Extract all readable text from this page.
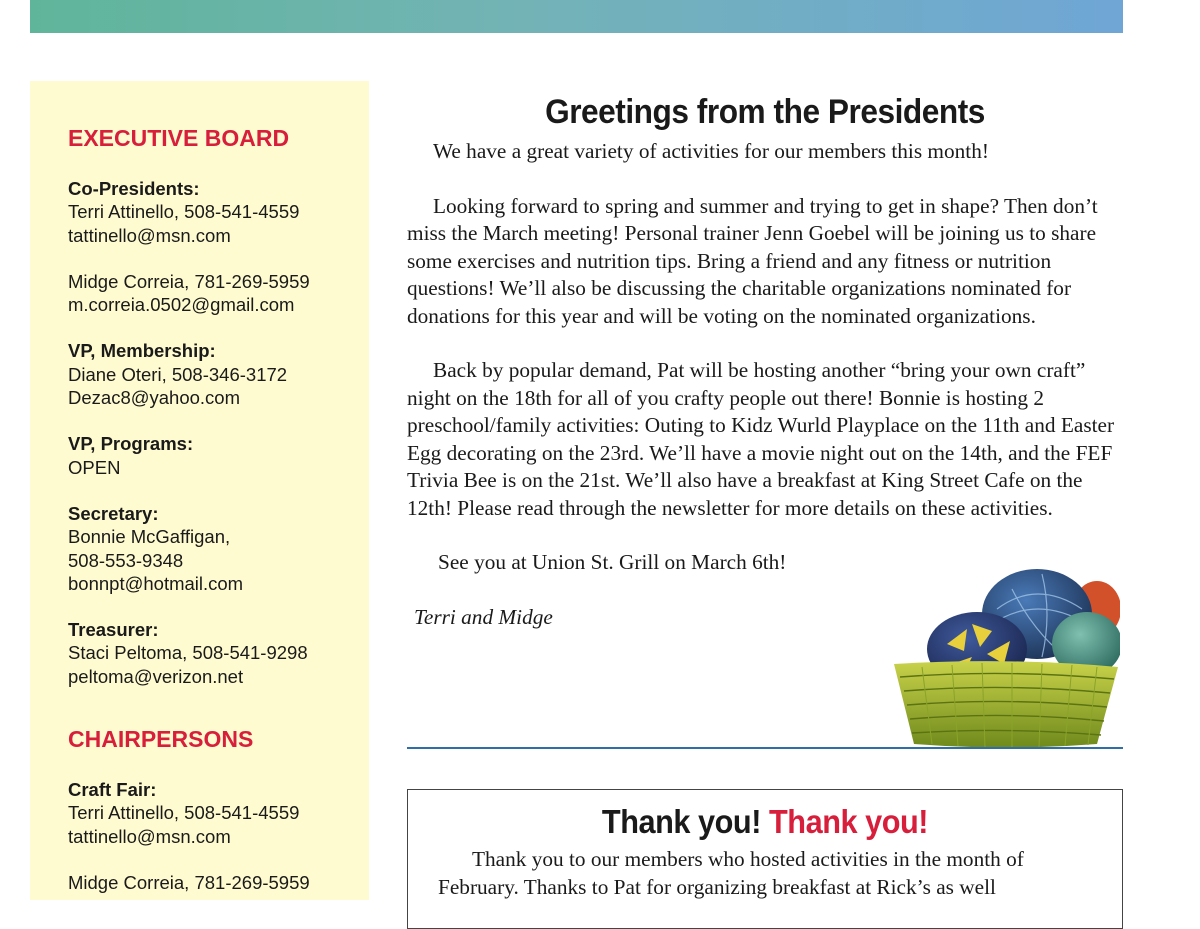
EXECUTIVE BOARD
Co-Presidents:
Terri Attinello, 508-541-4559
tattinello@msn.com
Midge Correia, 781-269-5959
m.correia.0502@gmail.com
VP, Membership:
Diane Oteri, 508-346-3172
Dezac8@yahoo.com
VP, Programs:
OPEN
Secretary:
Bonnie McGaffigan,
508-553-9348
bonnpt@hotmail.com
Treasurer:
Staci Peltoma, 508-541-9298
peltoma@verizon.net
CHAIRPERSONS
Craft Fair:
Terri Attinello, 508-541-4559
tattinello@msn.com
Midge Correia, 781-269-5959
Greetings from the Presidents

We have a great variety of activities for our members this month!

Looking forward to spring and summer and trying to get in shape? Then don’t miss the March meeting! Personal trainer Jenn Goebel will be joining us to share some exercises and nutrition tips. Bring a friend and any fitness or nutrition questions! We’ll also be discussing the charitable organizations nominated for donations for this year and will be voting on the nominated organizations.

Back by popular demand, Pat will be hosting another “bring your own craft” night on the 18th for all of you crafty people out there! Bonnie is hosting 2 preschool/family activities: Outing to Kidz Wurld Playplace on the 11th and Easter Egg decorating on the 23rd. We’ll have a movie night out on the 14th, and the FEF Trivia Bee is on the 21st. We’ll also have a breakfast at King Street Cafe on the 12th! Please read through the newsletter for more details on these activities.

See you at Union St. Grill on March 6th!
Terri and Midge
Thank you! Thank you!

Thank you to our members who hosted activities in the month of February. Thanks to Pat for organizing breakfast at Rick’s as well
